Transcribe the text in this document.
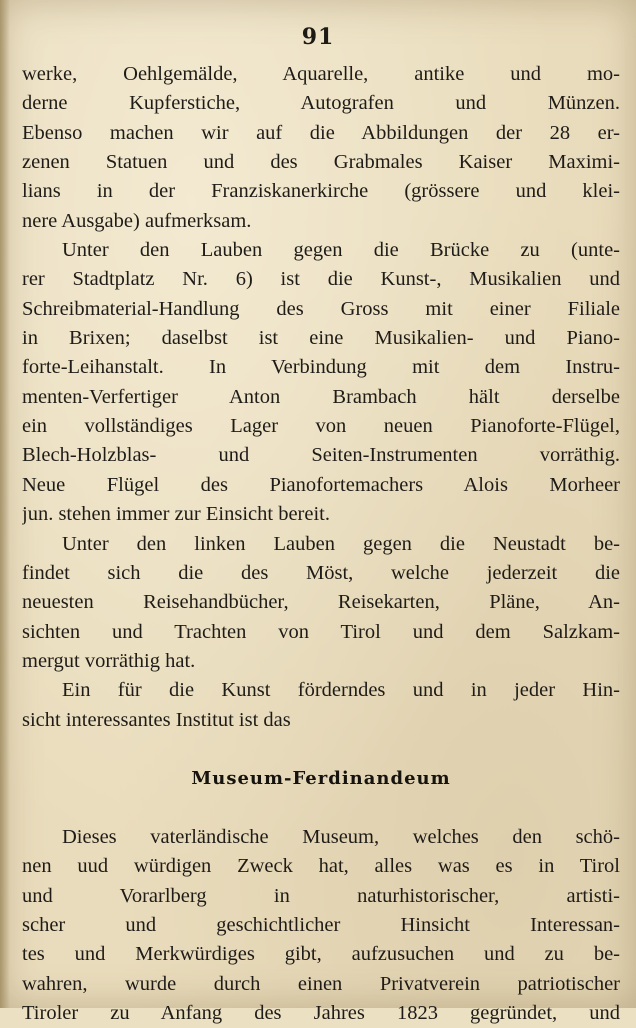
91
werke, Oehlgemälde, Aquarelle, antike und mo-
derne Kupferstiche, Autografen und Münzen.
Ebenso machen wir auf die Abbildungen der 28 er-
zenen Statuen und des Grabmales Kaiser Maximi-
lians in der Franziskanerkirche (grössere und klei-
nere Ausgabe) aufmerksam.
Unter den Lauben gegen die Brücke zu (unte-
rer Stadtplatz Nr. 6) ist die Kunst-, Musikalien und
Schreibmaterial-Handlung des Gross mit einer Filiale
in Brixen; daselbst ist eine Musikalien- und Piano-
forte-Leihanstalt. In Verbindung mit dem Instru-
menten-Verfertiger Anton Brambach hält derselbe
ein vollständiges Lager von neuen Pianoforte-Flügel,
Blech-Holzblas- und Seiten-Instrumenten vorräthig.
Neue Flügel des Pianofortemachers Alois Morheer
jun. stehen immer zur Einsicht bereit.
Unter den linken Lauben gegen die Neustadt be-
findet sich die des Möst, welche jederzeit die
neuesten Reisehandbücher, Reisekarten, Pläne, An-
sichten und Trachten von Tirol und dem Salzkam-
mergut vorräthig hat.
Ein für die Kunst förderndes und in jeder Hin-
sicht interessantes Institut ist das
Museum-Ferdinandeum
Dieses vaterländische Museum, welches den schö-
nen uud würdigen Zweck hat, alles was es in Tirol
und Vorarlberg in naturhistorischer, artisti-
scher und geschichtlicher Hinsicht Interessan-
tes und Merkwürdiges gibt, aufzusuchen und zu be-
wahren, wurde durch einen Privatverein patriotischer
Tiroler zu Anfang des Jahres 1823 gegründet, und
